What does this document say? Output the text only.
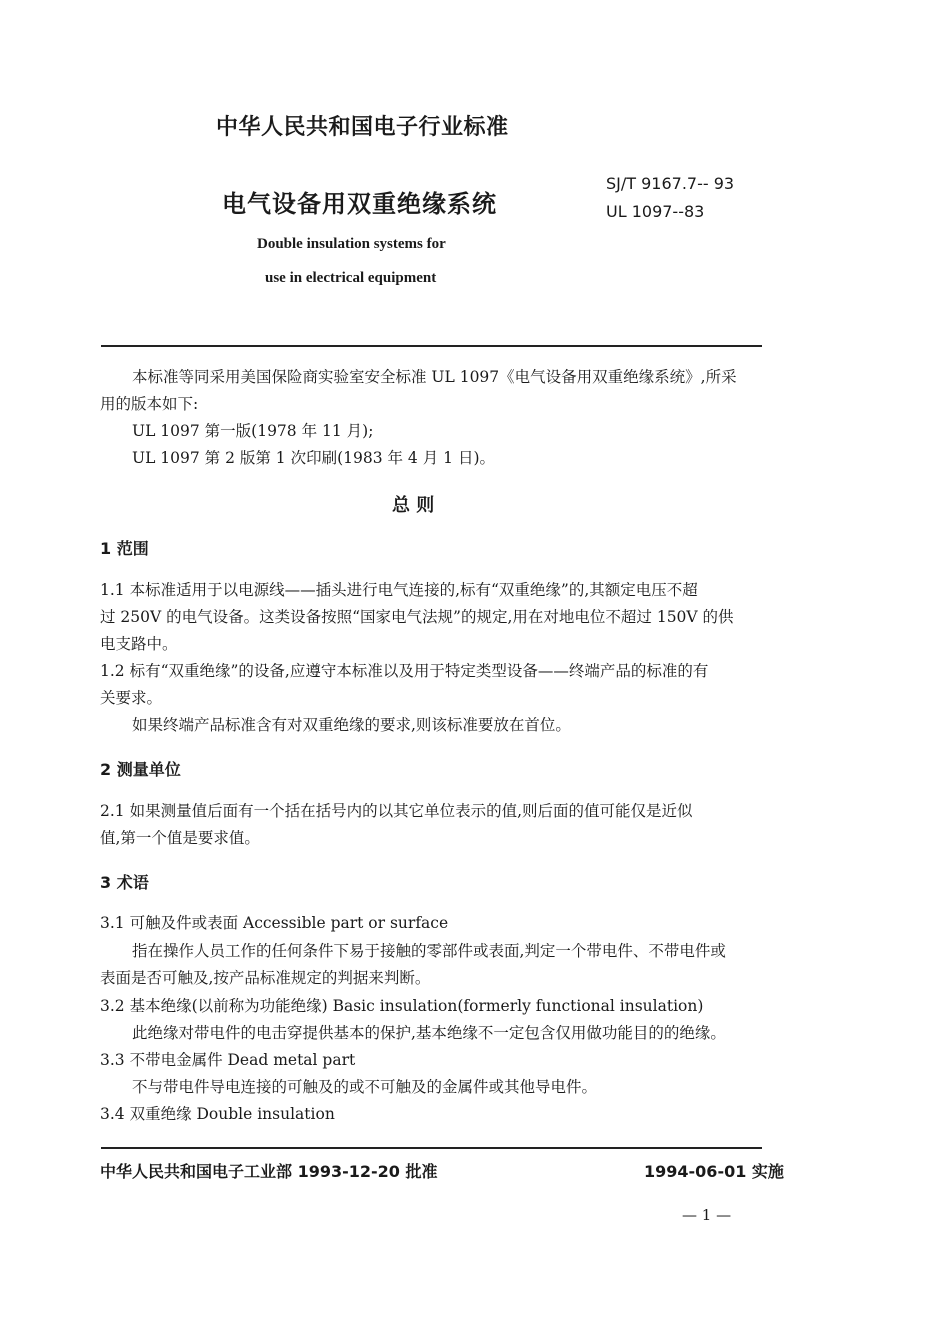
中华人民共和国电子行业标准
电气设备用双重绝缘系统
SJ/T 9167.7-- 93
UL 1097--83
Double insulation systems for
use in electrical equipment
本标准等同采用美国保险商实验室安全标准 UL 1097《电气设备用双重绝缘系统》,所采
用的版本如下:
UL 1097 第一版(1978 年 11 月);
UL 1097 第 2 版第 1 次印刷(1983 年 4 月 1 日)。
总 则
1 范围
1.1 本标准适用于以电源线——插头进行电气连接的,标有“双重绝缘”的,其额定电压不超
过 250V 的电气设备。这类设备按照“国家电气法规”的规定,用在对地电位不超过 150V 的供
电支路中。
1.2 标有“双重绝缘”的设备,应遵守本标准以及用于特定类型设备——终端产品的标准的有
关要求。
如果终端产品标准含有对双重绝缘的要求,则该标准要放在首位。
2 测量单位
2.1 如果测量值后面有一个括在括号内的以其它单位表示的值,则后面的值可能仅是近似
值,第一个值是要求值。
3 术语
3.1 可触及件或表面 Accessible part or surface
指在操作人员工作的任何条件下易于接触的零部件或表面,判定一个带电件、不带电件或
表面是否可触及,按产品标准规定的判据来判断。
3.2 基本绝缘(以前称为功能绝缘) Basic insulation(formerly functional insulation)
此绝缘对带电件的电击穿提供基本的保护,基本绝缘不一定包含仅用做功能目的的绝缘。
3.3 不带电金属件 Dead metal part
不与带电件导电连接的可触及的或不可触及的金属件或其他导电件。
3.4 双重绝缘 Double insulation
中华人民共和国电子工业部 1993-12-20 批准	1994-06-01 实施
— 1 —
